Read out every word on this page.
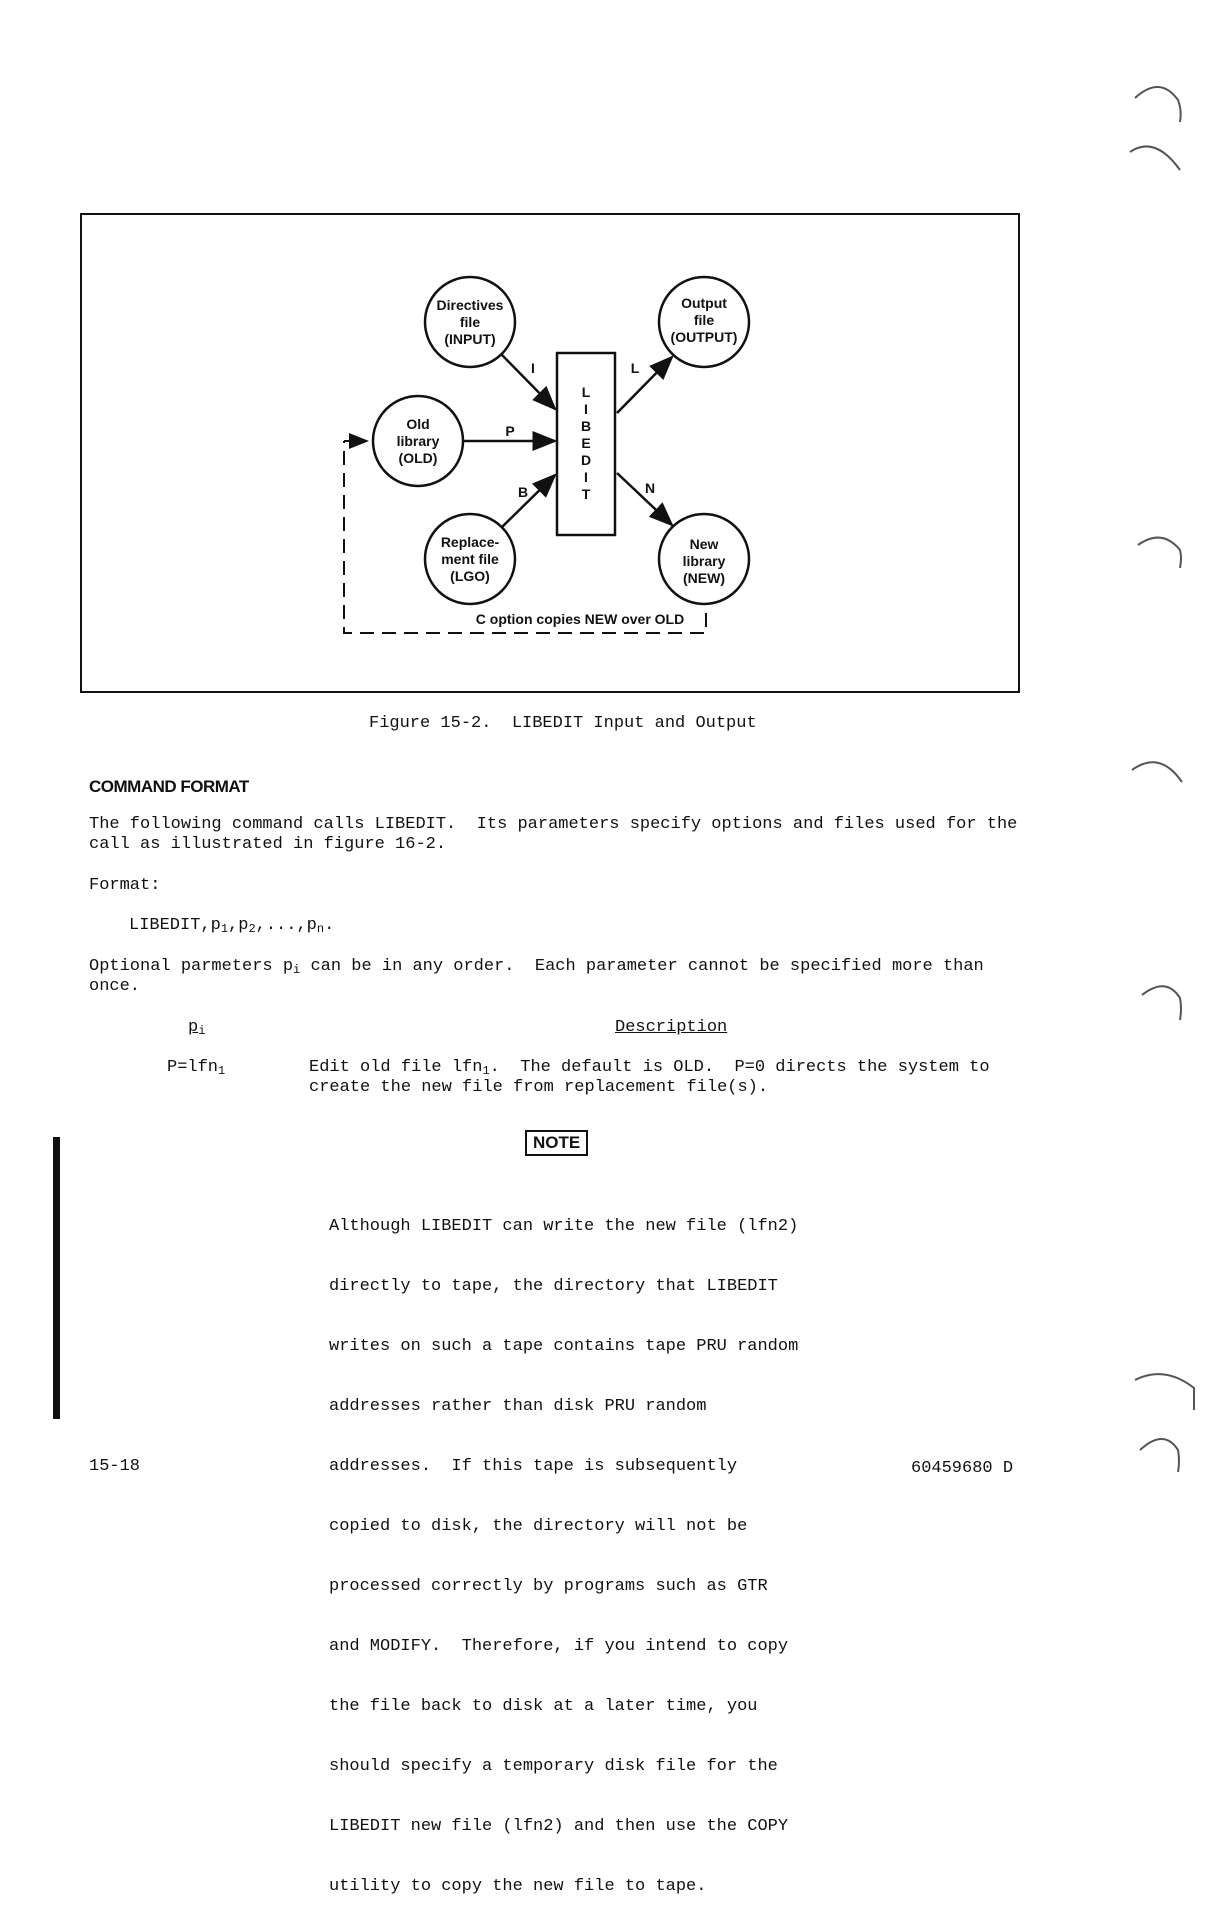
Directives
file
(INPUT)
Old
library
(OLD)
Replace-
ment file
(LGO)
Output
file
(OUTPUT)
New
library
(NEW)
L
I
B
E
D
I
T
I
P
B
L
N
C option copies NEW over OLD
Figure 15-2.  LIBEDIT Input and Output
COMMAND FORMAT
The following command calls LIBEDIT.  Its parameters specify options and files used for the
call as illustrated in figure 16-2.
Format:
$LIBEDIT,p_1,p_2,...,p_n$.
Optional parmeters $p_i$ can be in any order.  Each parameter cannot be specified more than
once.
$p_i$	Description
P=lfn$_1$	Edit old file lfn$_1$.  The default is OLD.  P=0 directs the system to
create the new file from replacement file(s).
NOTE

Although LIBEDIT can write the new file (lfn2)

directly to tape, the directory that LIBEDIT

writes on such a tape contains tape PRU random

addresses rather than disk PRU random

addresses.  If this tape is subsequently

copied to disk, the directory will not be

processed correctly by programs such as GTR

and MODIFY.  Therefore, if you intend to copy

the file back to disk at a later time, you

should specify a temporary disk file for the

LIBEDIT new file (lfn2) and then use the COPY

utility to copy the new file to tape.

15-18	60459680 D
